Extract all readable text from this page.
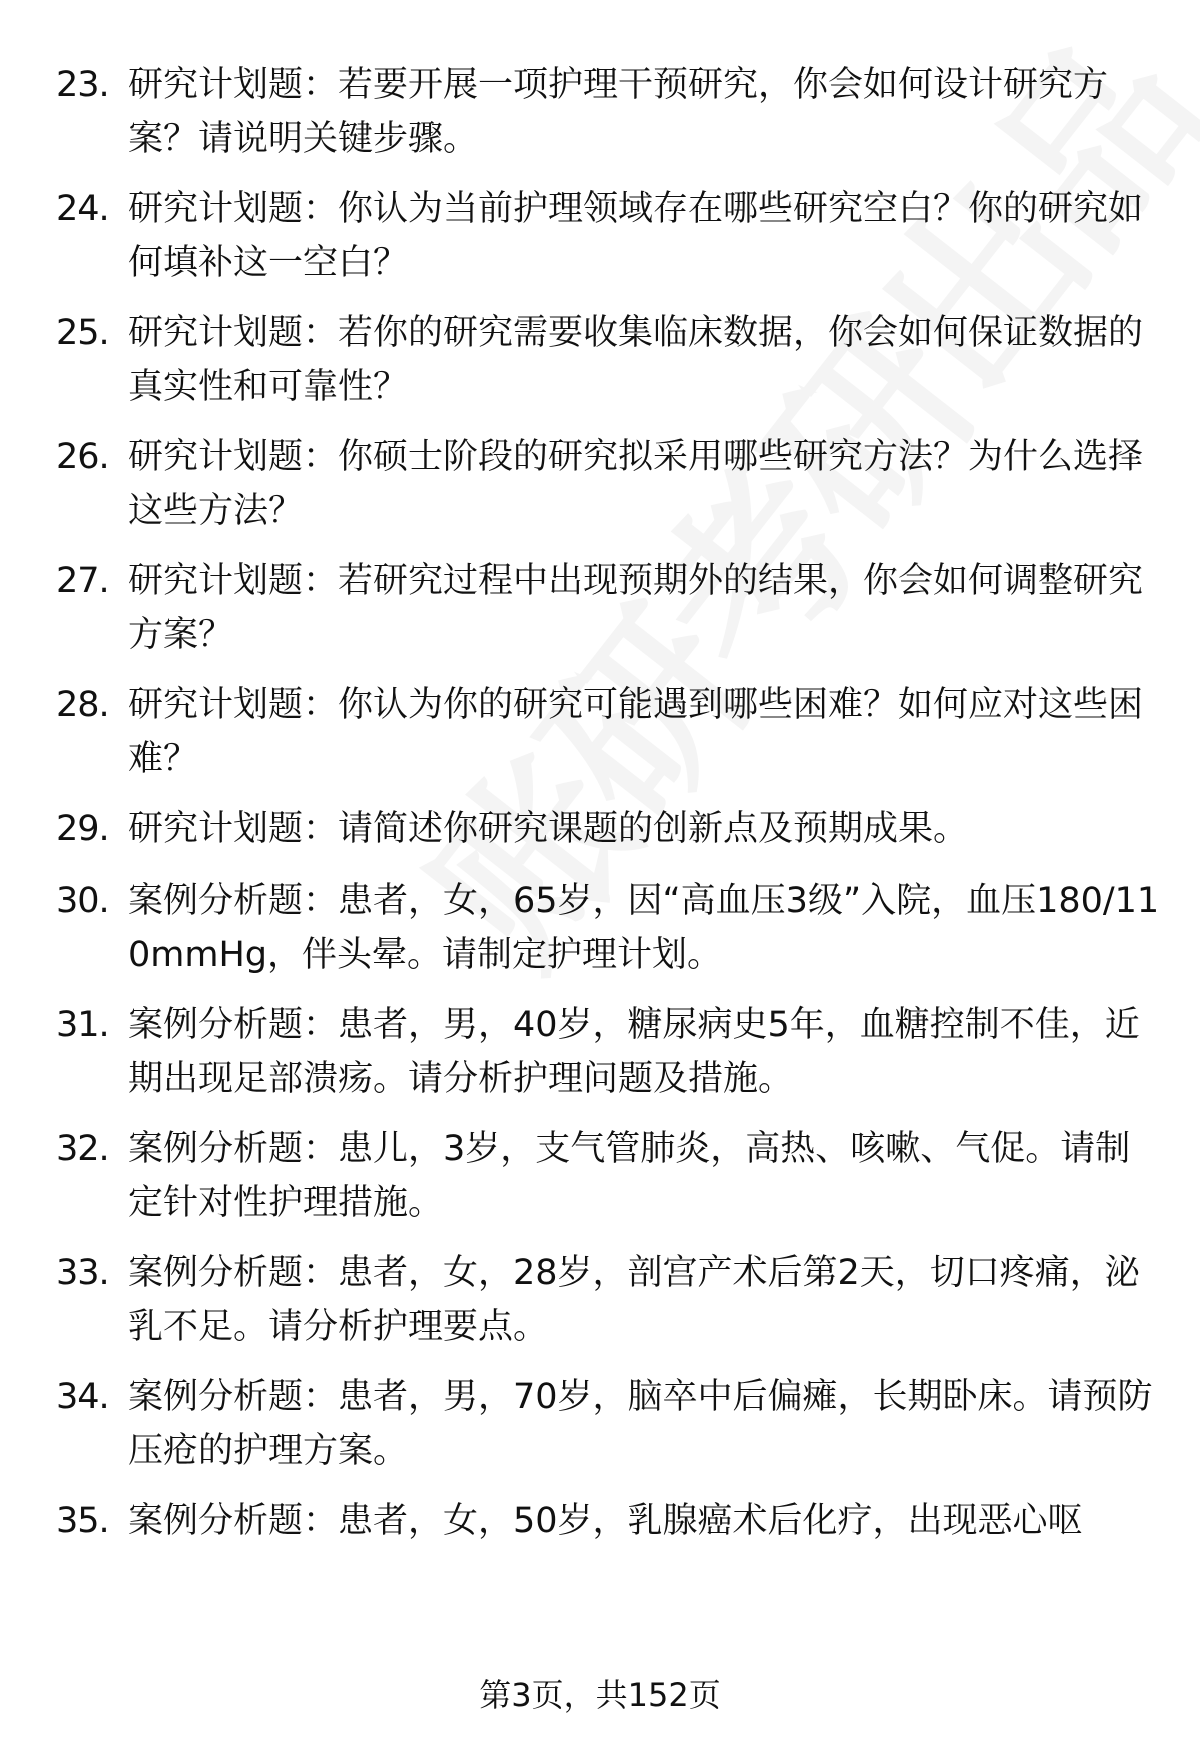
23. 研究计划题：若要开展一项护理干预研究，你会如何设计研究方案？请说明关键步骤。
24. 研究计划题：你认为当前护理领域存在哪些研究空白？你的研究如何填补这一空白？
25. 研究计划题：若你的研究需要收集临床数据，你会如何保证数据的真实性和可靠性？
26. 研究计划题：你硕士阶段的研究拟采用哪些研究方法？为什么选择这些方法？
27. 研究计划题：若研究过程中出现预期外的结果，你会如何调整研究方案？
28. 研究计划题：你认为你的研究可能遇到哪些困难？如何应对这些困难？
29. 研究计划题：请简述你研究课题的创新点及预期成果。
30. 案例分析题：患者，女，65岁，因“高血压3级”入院，血压180/110mmHg，伴头晕。请制定护理计划。
31. 案例分析题：患者，男，40岁，糖尿病史5年，血糖控制不佳，近期出现足部溃疡。请分析护理问题及措施。
32. 案例分析题：患儿，3岁，支气管肺炎，高热、咳嗽、气促。请制定针对性护理措施。
33. 案例分析题：患者，女，28岁，剖宫产术后第2天，切口疼痛，泌乳不足。请分析护理要点。
34. 案例分析题：患者，男，70岁，脑卒中后偏瘫，长期卧床。请预防压疮的护理方案。
35. 案例分析题：患者，女，50岁，乳腺癌术后化疗，出现恶心呕
第3页，共152页
